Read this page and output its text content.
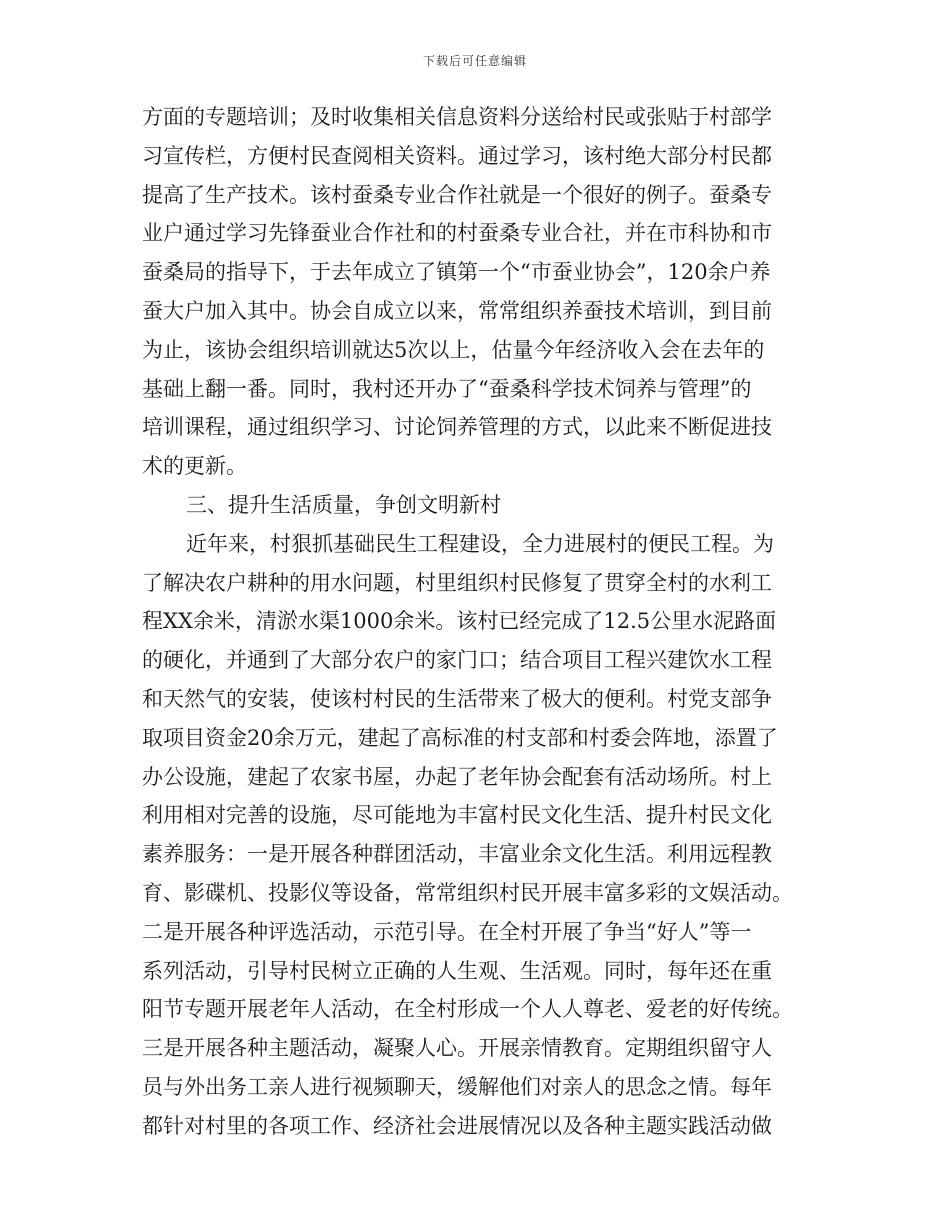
下载后可任意编辑
方面的专题培训；及时收集相关信息资料分送给村民或张贴于村部学
习宣传栏，方便村民查阅相关资料。通过学习，该村绝大部分村民都
提高了生产技术。该村蚕桑专业合作社就是一个很好的例子。蚕桑专
业户通过学习先锋蚕业合作社和的村蚕桑专业合社，并在市科协和市
蚕桑局的指导下，于去年成立了镇第一个“市蚕业协会”，120余户养
蚕大户加入其中。协会自成立以来，常常组织养蚕技术培训，到目前
为止，该协会组织培训就达5次以上，估量今年经济收入会在去年的
基础上翻一番。同时，我村还开办了“蚕桑科学技术饲养与管理”的
培训课程，通过组织学习、讨论饲养管理的方式，以此来不断促进技
术的更新。
三、提升生活质量，争创文明新村
近年来，村狠抓基础民生工程建设，全力进展村的便民工程。为
了解决农户耕种的用水问题，村里组织村民修复了贯穿全村的水利工
程XX余米，清淤水渠1000余米。该村已经完成了12.5公里水泥路面
的硬化，并通到了大部分农户的家门口；结合项目工程兴建饮水工程
和天然气的安装，使该村村民的生活带来了极大的便利。村党支部争
取项目资金20余万元，建起了高标准的村支部和村委会阵地，添置了
办公设施，建起了农家书屋，办起了老年协会配套有活动场所。村上
利用相对完善的设施，尽可能地为丰富村民文化生活、提升村民文化
素养服务：一是开展各种群团活动，丰富业余文化生活。利用远程教
育、影碟机、投影仪等设备，常常组织村民开展丰富多彩的文娱活动。
二是开展各种评选活动，示范引导。在全村开展了争当“好人”等一
系列活动，引导村民树立正确的人生观、生活观。同时，每年还在重
阳节专题开展老年人活动，在全村形成一个人人尊老、爱老的好传统。
三是开展各种主题活动，凝聚人心。开展亲情教育。定期组织留守人
员与外出务工亲人进行视频聊天，缓解他们对亲人的思念之情。每年
都针对村里的各项工作、经济社会进展情况以及各种主题实践活动做
